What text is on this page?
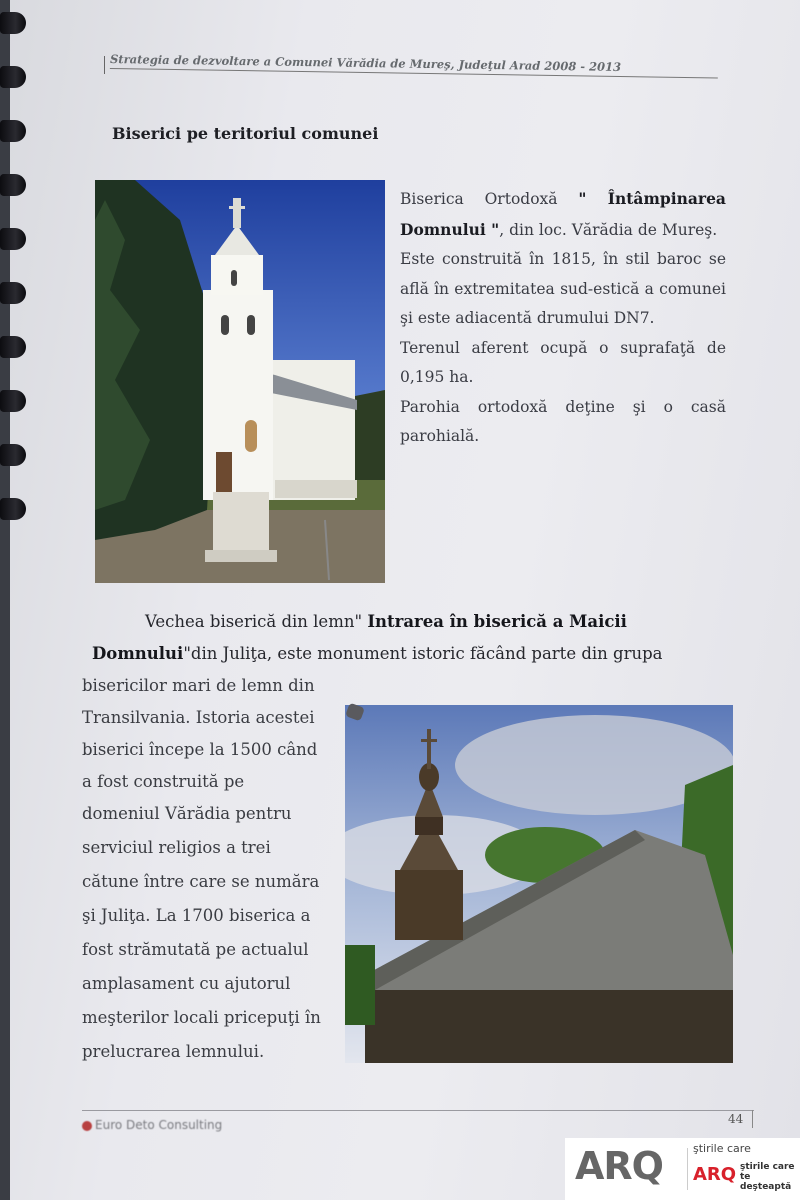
Strategia de dezvoltare a Comunei Vărădia de Mureş, Judeţul Arad 2008 - 2013
Biserici pe teritoriul comunei
Biserica Ortodoxă " Întâmpinarea Domnului ", din loc. Vărădia de Mureş.
Este construită în 1815, în stil baroc se află în extremitatea sud-estică a comunei şi este adiacentă drumului DN7.
Terenul aferent ocupă o suprafaţă de 0,195 ha.
Parohia ortodoxă deţine şi o casă parohială.
Vechea biserică din lemn" Intrarea în biserică a Maicii
Domnului"din Juliţa, este monument istoric făcând parte din grupa
bisericilor mari de lemn din
Transilvania. Istoria acestei
biserici începe la 1500 când
a fost construită pe
domeniul Vărădia pentru
serviciul religios a trei
cătune între care se număra
şi Juliţa. La 1700 biserica a
fost strămutată pe actualul
amplasament cu ajutorul
meşterilor locali pricepuţi în
prelucrarea lemnului.
Euro Deto Consulting	44
ARQ	ştirile care
ARQ ştirile care te deşteaptă
